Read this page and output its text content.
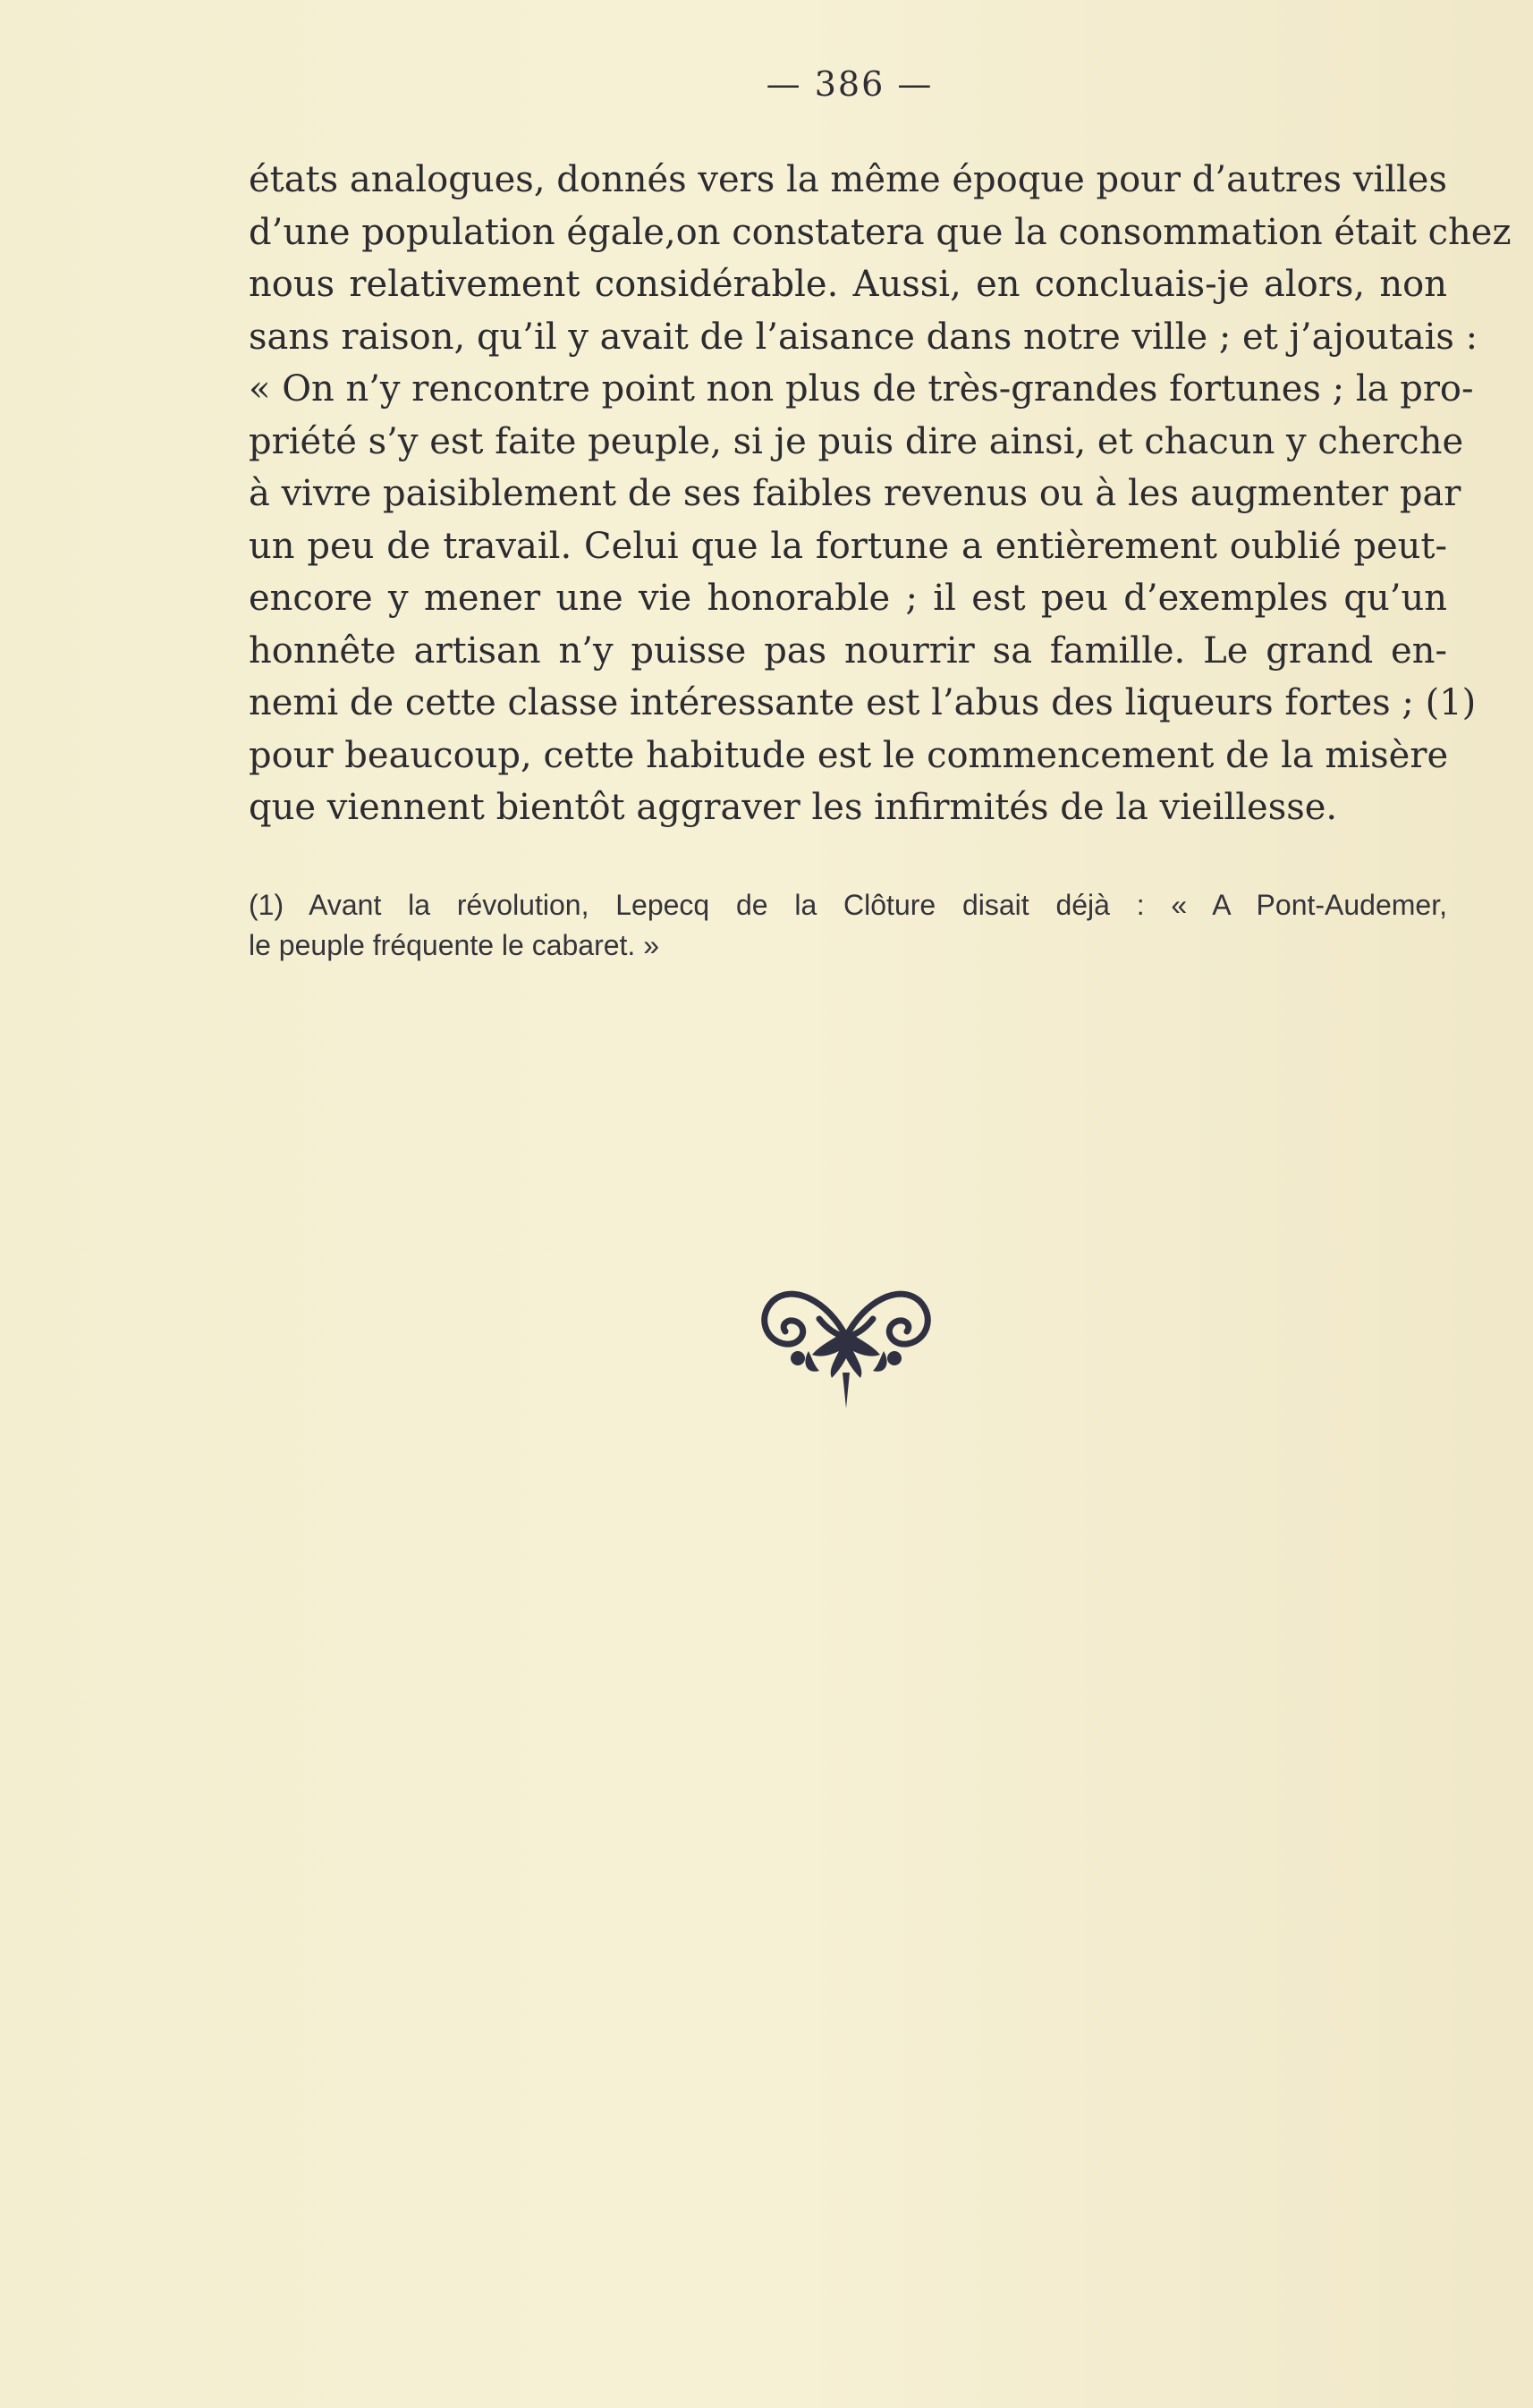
— 386 —
états analogues, donnés vers la même époque pour d’autres villes
d’une population égale,on constatera que la consommation était chez
nous relativement considérable. Aussi, en concluais-je alors, non
sans raison, qu’il y avait de l’aisance dans notre ville ; et j’ajoutais :
« On n’y rencontre point non plus de très-grandes fortunes ; la pro-
priété s’y est faite peuple, si je puis dire ainsi, et chacun y cherche
à vivre paisiblement de ses faibles revenus ou à les augmenter par
un peu de travail. Celui que la fortune a entièrement oublié peut-
encore y mener une vie honorable ; il est peu d’exemples qu’un
honnête artisan n’y puisse pas nourrir sa famille. Le grand en-
nemi de cette classe intéressante est l’abus des liqueurs fortes ; (1)
pour beaucoup, cette habitude est le commencement de la misère
que viennent bientôt aggraver les infirmités de la vieillesse.
(1) Avant la révolution, Lepecq de la Clôture disait déjà : « A Pont-Audemer,
le peuple fréquente le cabaret. »
